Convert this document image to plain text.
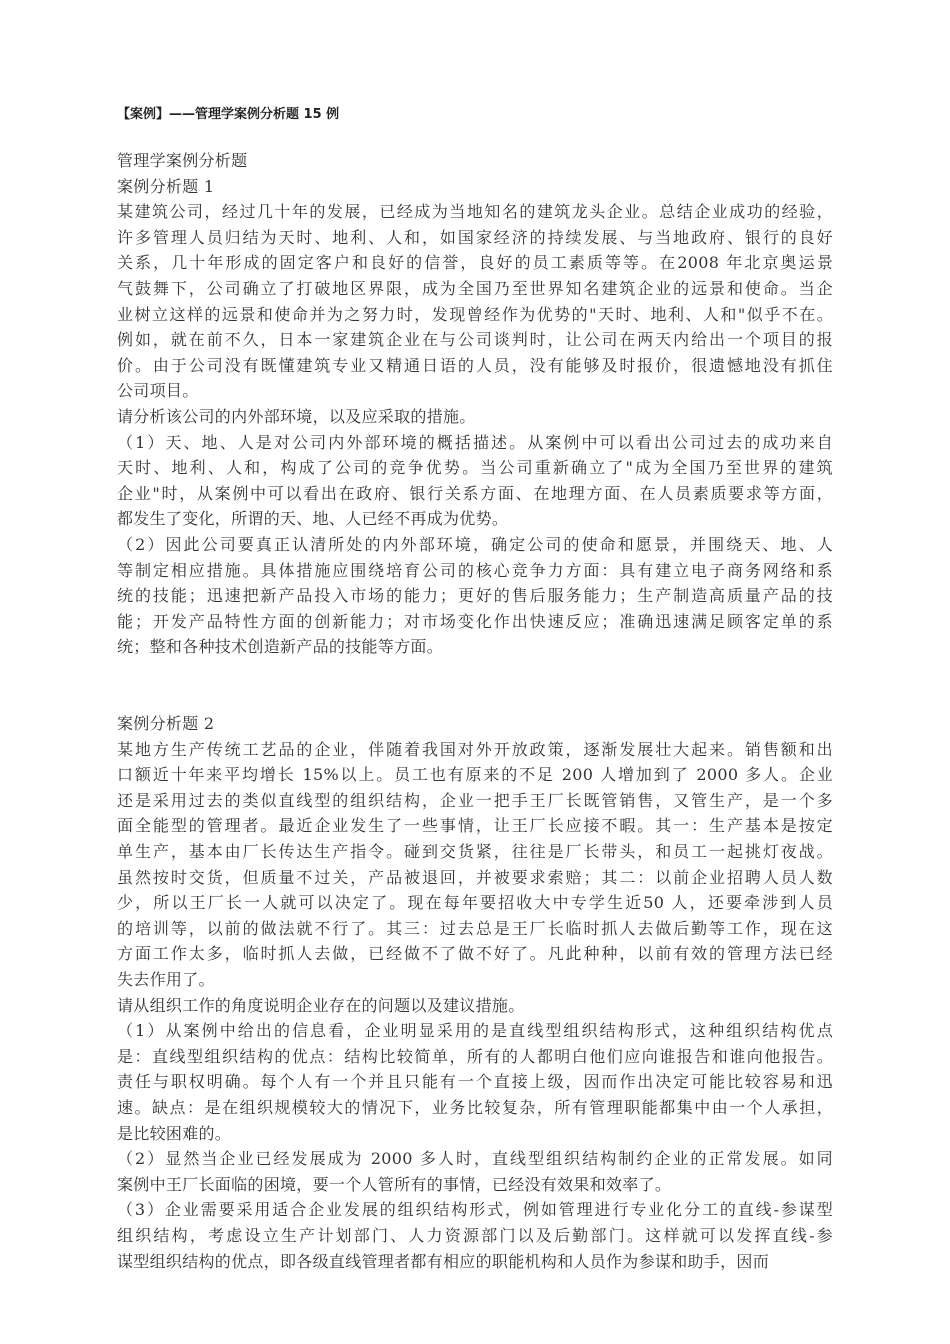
【案例】——管理学案例分析题 15 例
管理学案例分析题
案例分析题 1
某建筑公司，经过几十年的发展，已经成为当地知名的建筑龙头企业。总结企业成功的经验，
许多管理人员归结为天时、地利、人和，如国家经济的持续发展、与当地政府、银行的良好
关系，几十年形成的固定客户和良好的信誉，良好的员工素质等等。在2008 年北京奥运景
气鼓舞下，公司确立了打破地区界限，成为全国乃至世界知名建筑企业的远景和使命。当企
业树立这样的远景和使命并为之努力时，发现曾经作为优势的"天时、地利、人和"似乎不在。
例如，就在前不久，日本一家建筑企业在与公司谈判时，让公司在两天内给出一个项目的报
价。由于公司没有既懂建筑专业又精通日语的人员，没有能够及时报价，很遗憾地没有抓住
公司项目。
请分析该公司的内外部环境，以及应采取的措施。
（1）天、地、人是对公司内外部环境的概括描述。从案例中可以看出公司过去的成功来自
天时、地利、人和，构成了公司的竞争优势。当公司重新确立了"成为全国乃至世界的建筑
企业"时，从案例中可以看出在政府、银行关系方面、在地理方面、在人员素质要求等方面，
都发生了变化，所谓的天、地、人已经不再成为优势。
（2）因此公司要真正认清所处的内外部环境，确定公司的使命和愿景，并围绕天、地、人
等制定相应措施。具体措施应围绕培育公司的核心竞争力方面：具有建立电子商务网络和系
统的技能；迅速把新产品投入市场的能力；更好的售后服务能力；生产制造高质量产品的技
能；开发产品特性方面的创新能力；对市场变化作出快速反应；准确迅速满足顾客定单的系
统；整和各种技术创造新产品的技能等方面。
案例分析题 2
某地方生产传统工艺品的企业，伴随着我国对外开放政策，逐渐发展壮大起来。销售额和出
口额近十年来平均增长 15%以上。员工也有原来的不足 200 人增加到了 2000 多人。企业
还是采用过去的类似直线型的组织结构，企业一把手王厂长既管销售，又管生产，是一个多
面全能型的管理者。最近企业发生了一些事情，让王厂长应接不暇。其一：生产基本是按定
单生产，基本由厂长传达生产指令。碰到交货紧，往往是厂长带头，和员工一起挑灯夜战。
虽然按时交货，但质量不过关，产品被退回，并被要求索赔；其二：以前企业招聘人员人数
少，所以王厂长一人就可以决定了。现在每年要招收大中专学生近50 人，还要牵涉到人员
的培训等，以前的做法就不行了。其三：过去总是王厂长临时抓人去做后勤等工作，现在这
方面工作太多，临时抓人去做，已经做不了做不好了。凡此种种，以前有效的管理方法已经
失去作用了。
请从组织工作的角度说明企业存在的问题以及建议措施。
（1）从案例中给出的信息看，企业明显采用的是直线型组织结构形式，这种组织结构优点
是：直线型组织结构的优点：结构比较简单，所有的人都明白他们应向谁报告和谁向他报告。
责任与职权明确。每个人有一个并且只能有一个直接上级，因而作出决定可能比较容易和迅
速。缺点：是在组织规模较大的情况下，业务比较复杂，所有管理职能都集中由一个人承担，
是比较困难的。
（2）显然当企业已经发展成为 2000 多人时，直线型组织结构制约企业的正常发展。如同
案例中王厂长面临的困境，要一个人管所有的事情，已经没有效果和效率了。
（3）企业需要采用适合企业发展的组织结构形式，例如管理进行专业化分工的直线-参谋型
组织结构，考虑设立生产计划部门、人力资源部门以及后勤部门。这样就可以发挥直线-参
谋型组织结构的优点，即各级直线管理者都有相应的职能机构和人员作为参谋和助手，因而
